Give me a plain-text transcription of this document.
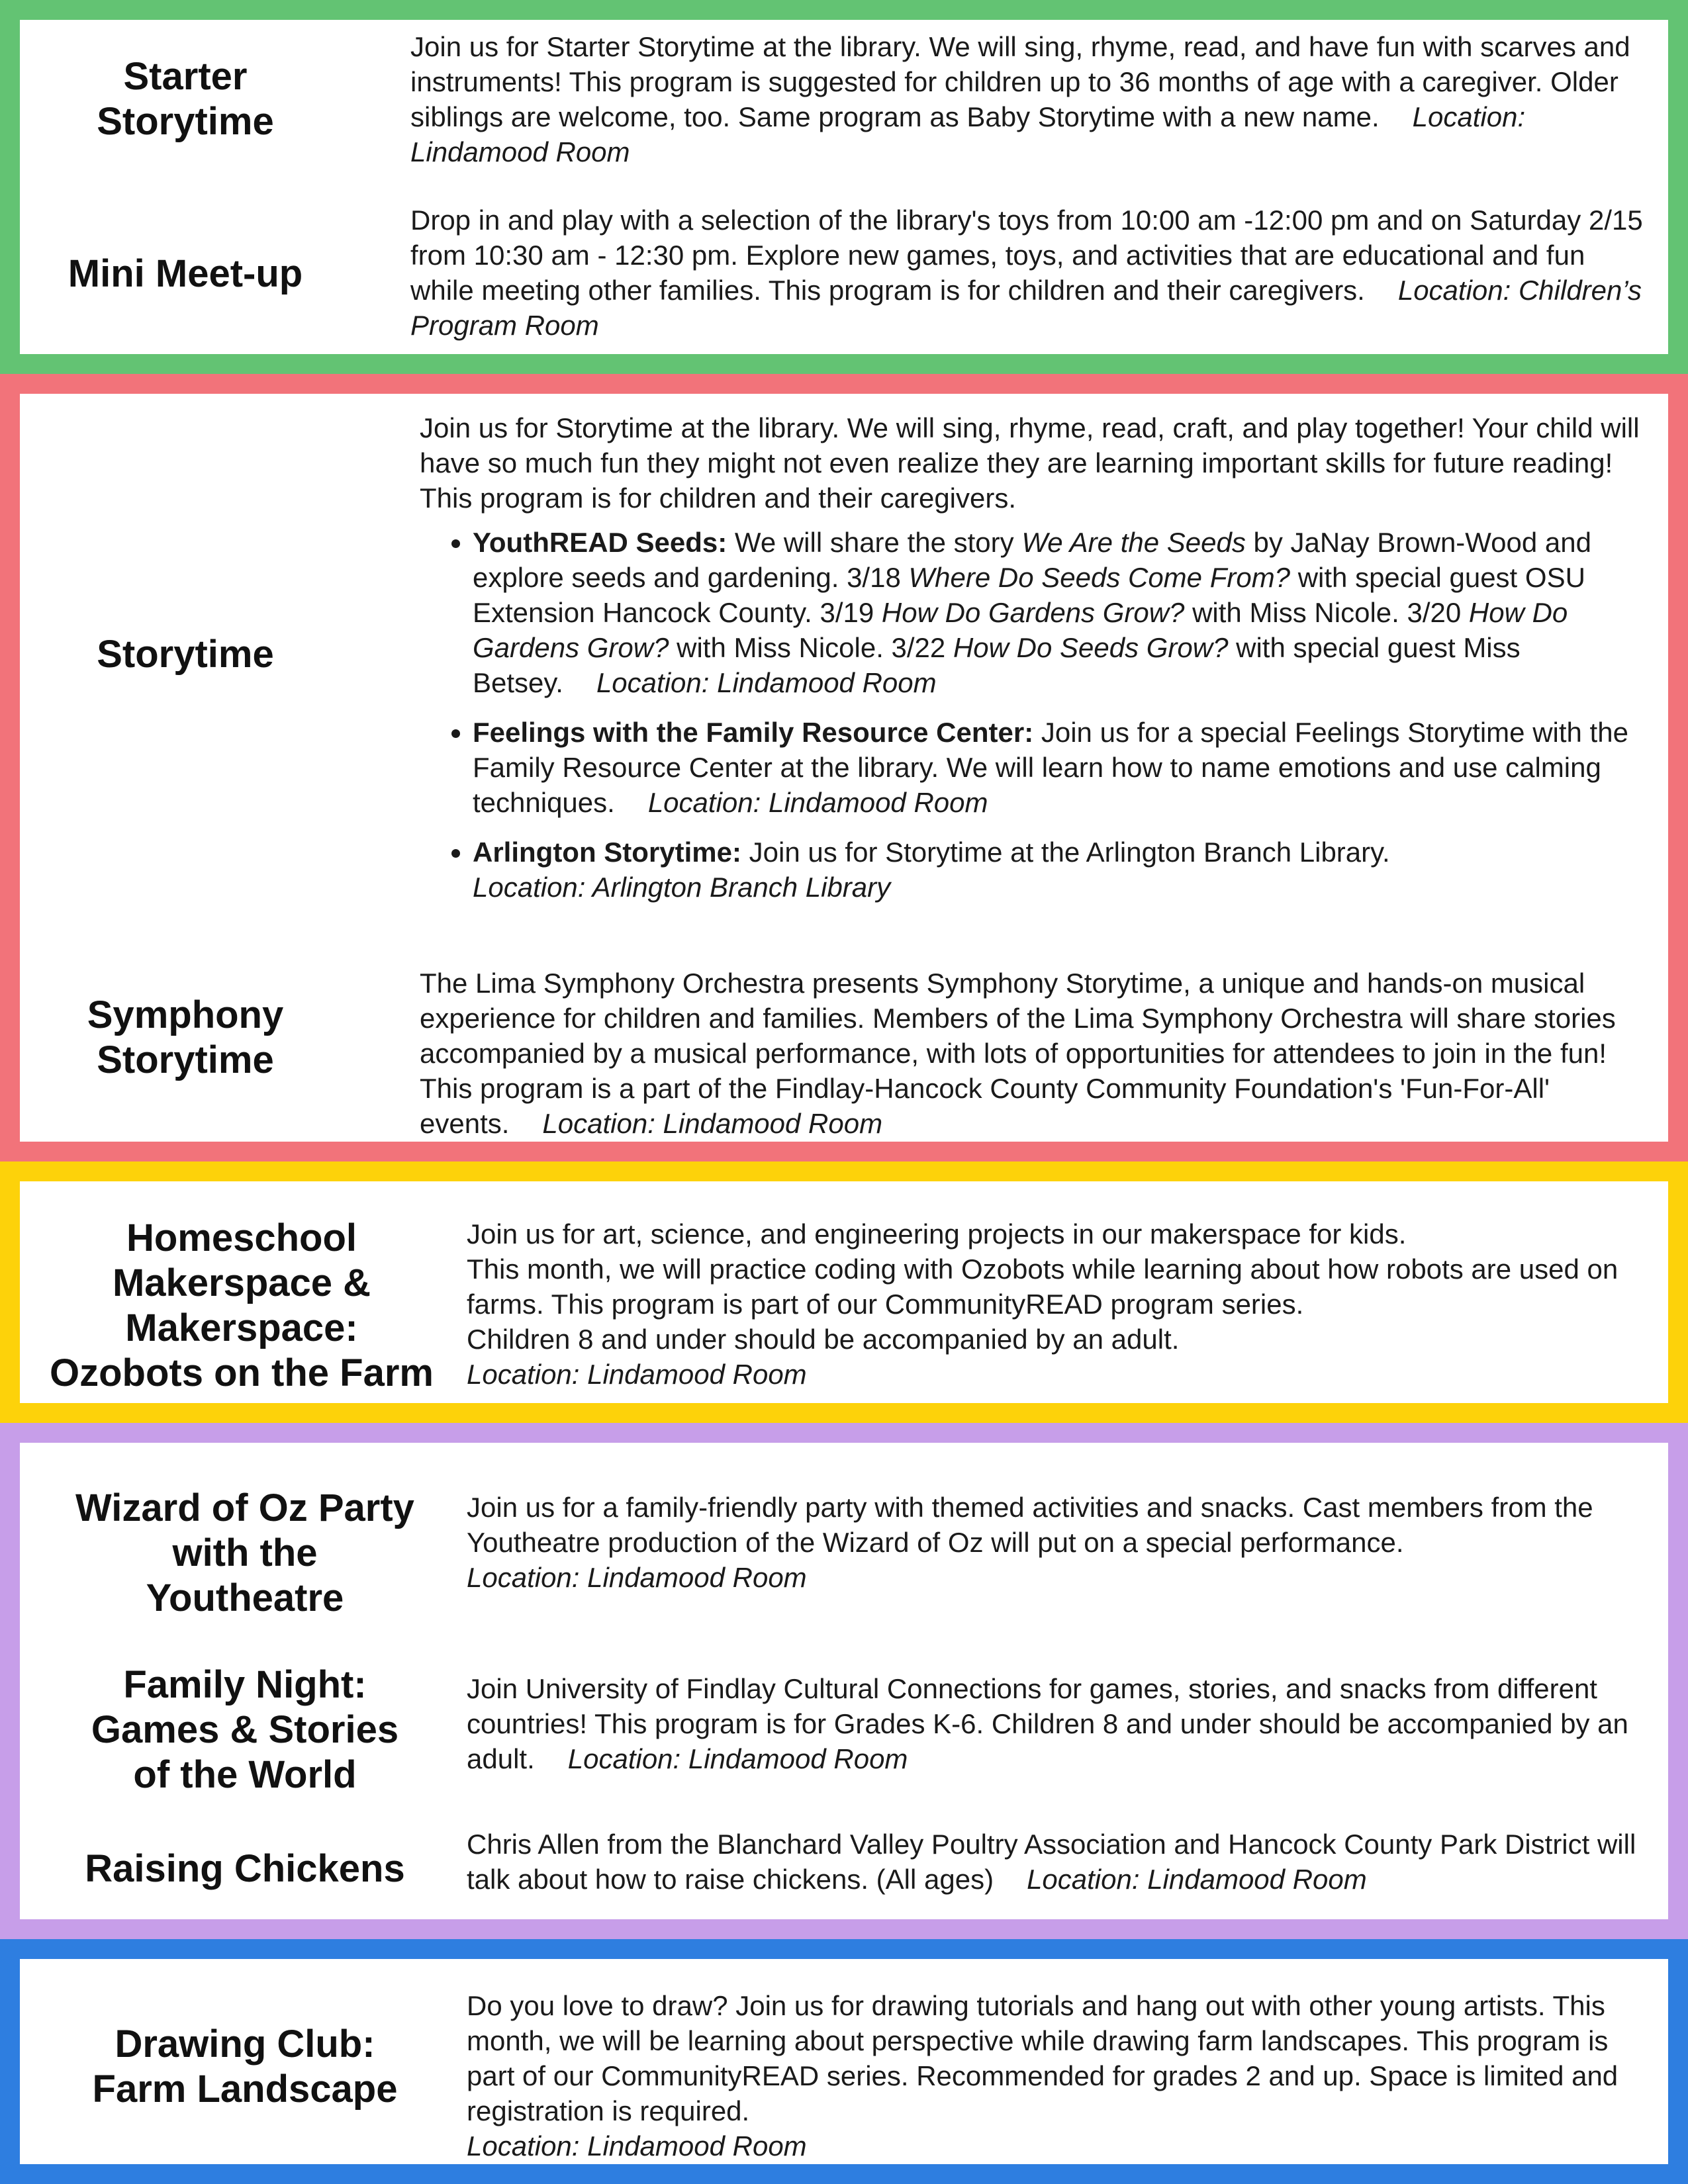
Starter
Storytime
Join us for Starter Storytime at the library. We will sing, rhyme, read, and have fun with scarves and instruments! This program is suggested for children up to 36 months of age with a caregiver. Older siblings are welcome, too. Same program as Baby Storytime with a new name. Location: Lindamood Room
Mini Meet-up
Drop in and play with a selection of the library's toys from 10:00 am -12:00 pm and on Saturday 2/15 from 10:30 am - 12:30 pm. Explore new games, toys, and activities that are educational and fun while meeting other families. This program is for children and their caregivers. Location: Children’s Program Room
Storytime

Join us for Storytime at the library. We will sing, rhyme, read, craft, and play together! Your child will have so much fun they might not even realize they are learning important skills for future reading! This program is for children and their caregivers.

• YouthREAD Seeds: We will share the story We Are the Seeds by JaNay Brown-Wood and explore seeds and gardening. 3/18 Where Do Seeds Come From? with special guest OSU Extension Hancock County. 3/19 How Do Gardens Grow? with Miss Nicole. 3/20 How Do Gardens Grow? with Miss Nicole. 3/22 How Do Seeds Grow? with special guest Miss Betsey. Location: Lindamood Room
• Feelings with the Family Resource Center: Join us for a special Feelings Storytime with the Family Resource Center at the library. We will learn how to name emotions and use calming techniques. Location: Lindamood Room
• Arlington Storytime: Join us for Storytime at the Arlington Branch Library.
Location: Arlington Branch Library
Symphony
Storytime
The Lima Symphony Orchestra presents Symphony Storytime, a unique and hands-on musical experience for children and families. Members of the Lima Symphony Orchestra will share stories accompanied by a musical performance, with lots of opportunities for attendees to join in the fun! This program is a part of the Findlay-Hancock County Community Foundation's 'Fun-For-All' events. Location: Lindamood Room
Homeschool
Makerspace &
Makerspace:
Ozobots on the Farm
Join us for art, science, and engineering projects in our makerspace for kids.
This month, we will practice coding with Ozobots while learning about how robots are used on farms. This program is part of our CommunityREAD program series.
Children 8 and under should be accompanied by an adult.
Location: Lindamood Room
Wizard of Oz Party
with the
Youtheatre
Join us for a family-friendly party with themed activities and snacks. Cast members from the Youtheatre production of the Wizard of Oz will put on a special performance.
Location: Lindamood Room
Family Night:
Games & Stories
of the World
Join University of Findlay Cultural Connections for games, stories, and snacks from different countries! This program is for Grades K-6. Children 8 and under should be accompanied by an adult. Location: Lindamood Room
Raising Chickens
Chris Allen from the Blanchard Valley Poultry Association and Hancock County Park District will talk about how to raise chickens. (All ages) Location: Lindamood Room
Drawing Club:
Farm Landscape
Do you love to draw? Join us for drawing tutorials and hang out with other young artists. This month, we will be learning about perspective while drawing farm landscapes. This program is part of our CommunityREAD series. Recommended for grades 2 and up. Space is limited and registration is required.
Location: Lindamood Room
